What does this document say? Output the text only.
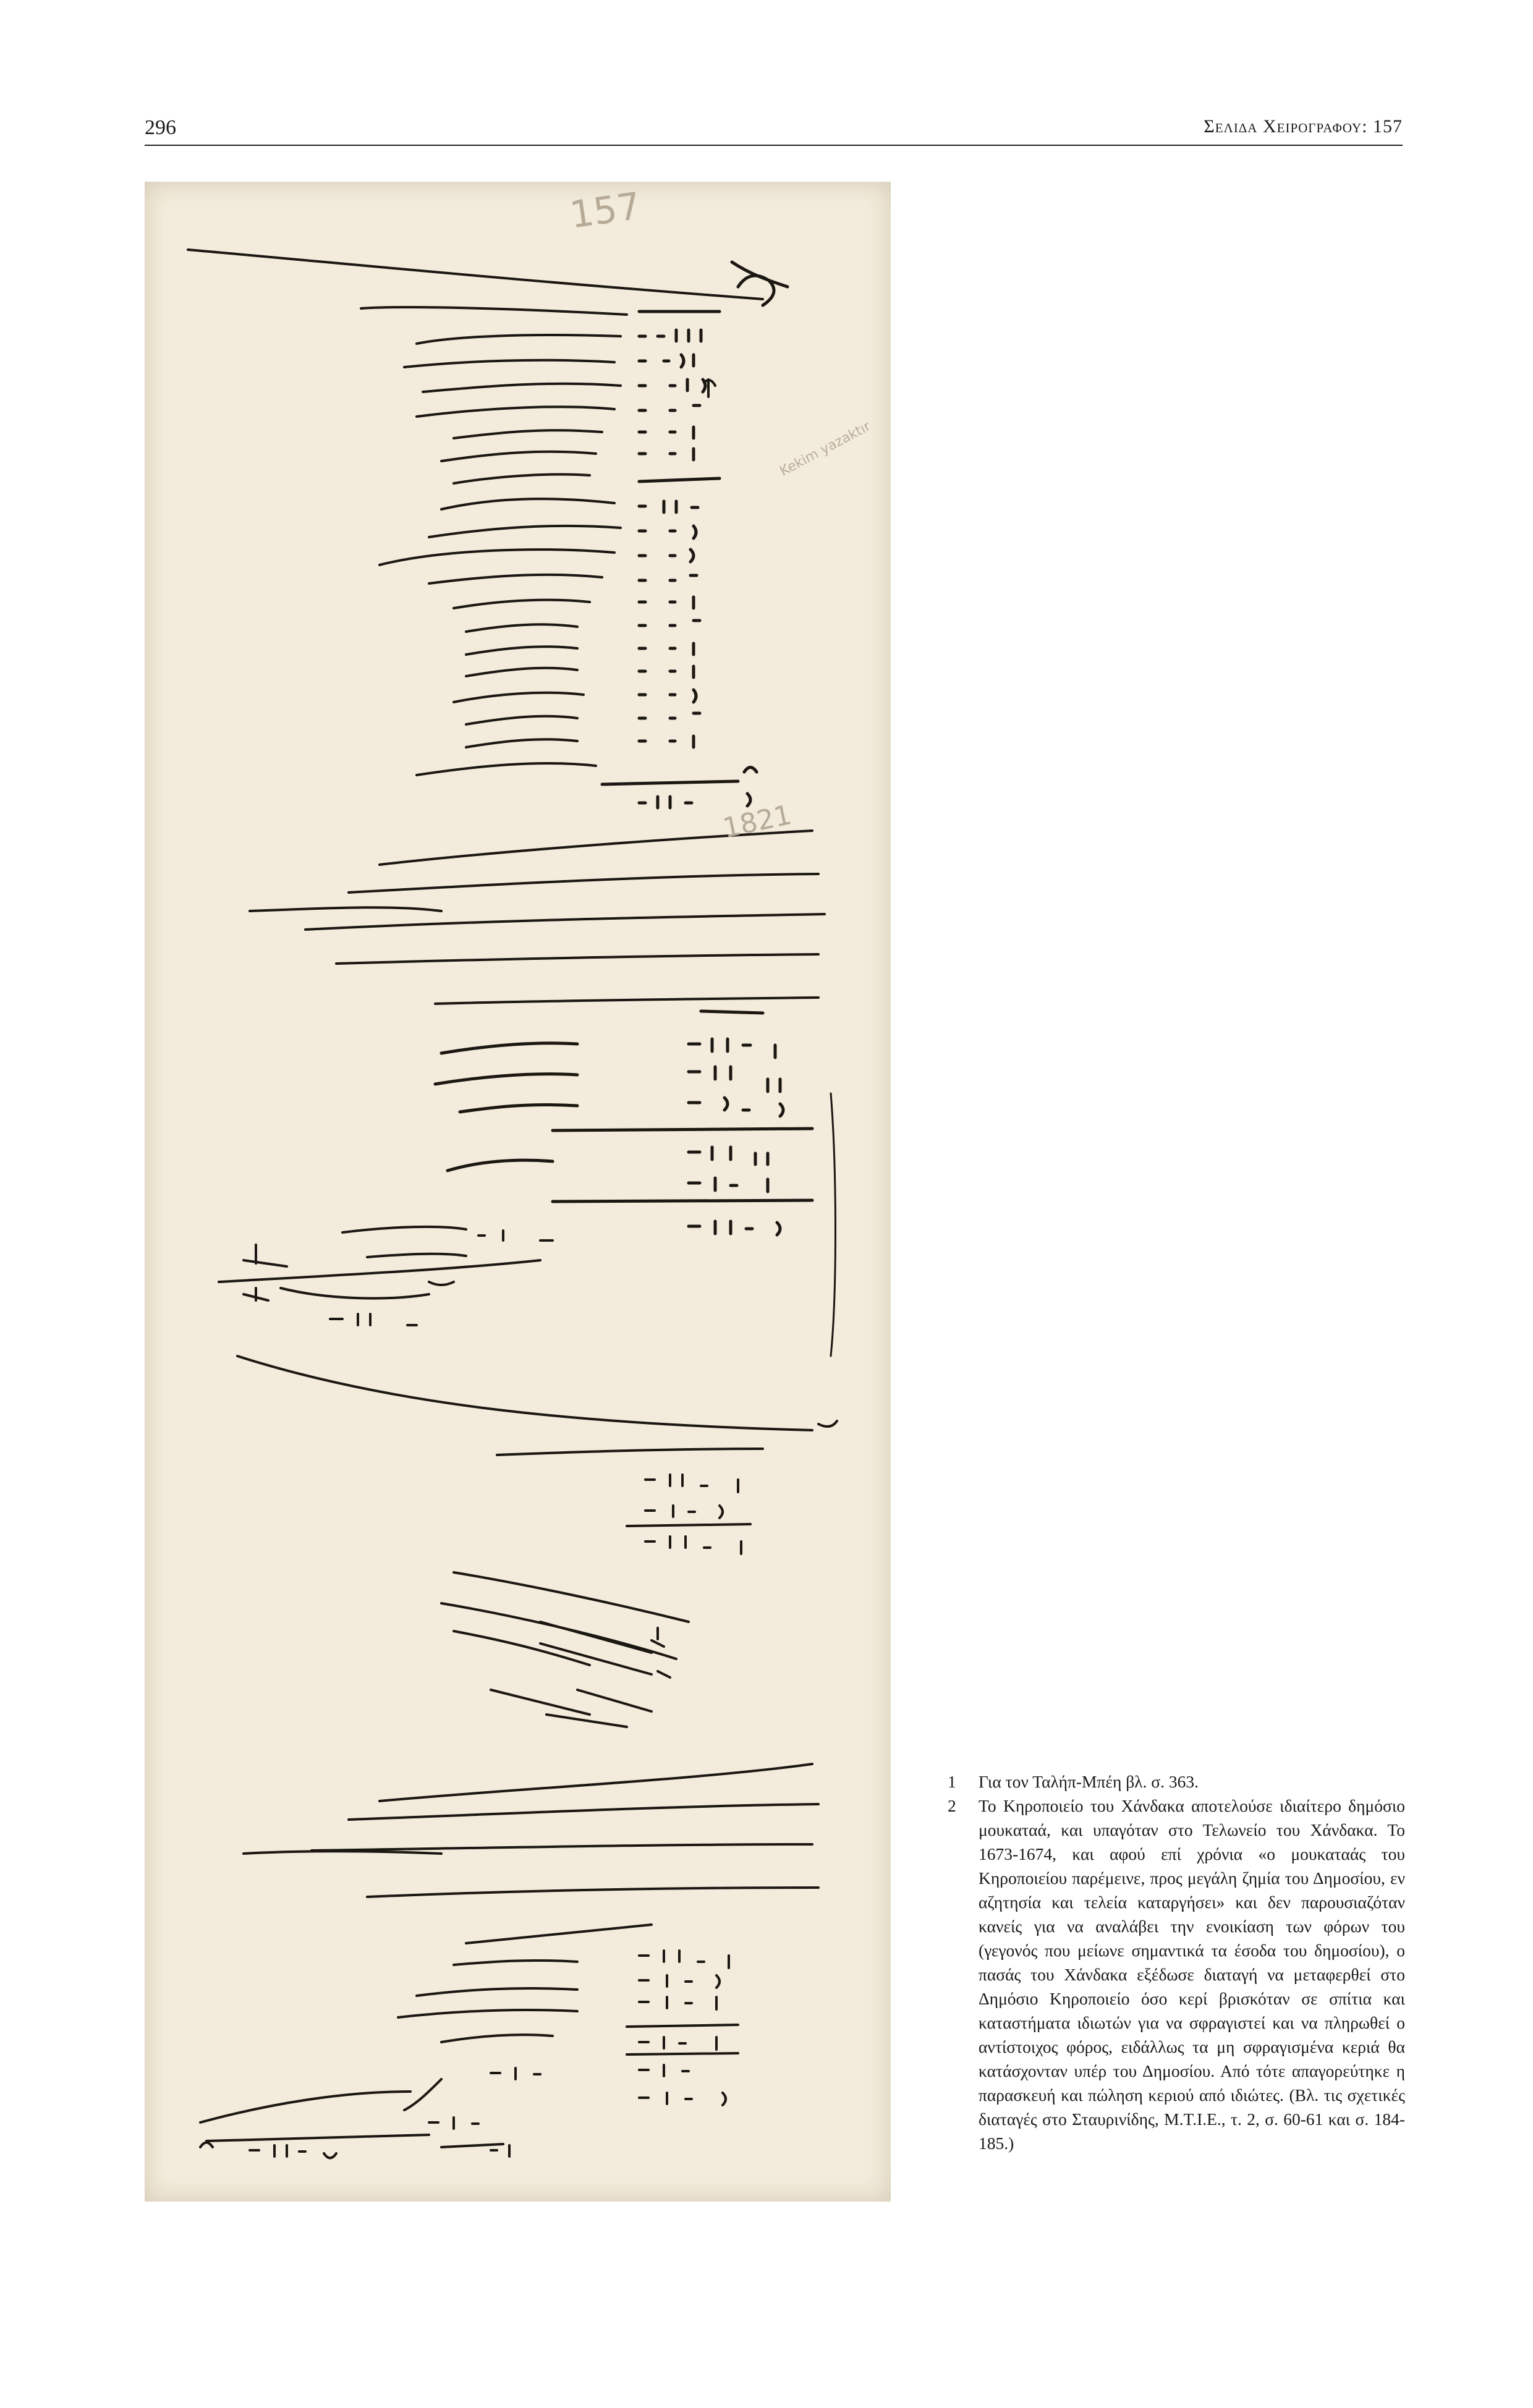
296	Σελιδα Χειρογραφου: 157
157
Kekim yazaktır
1821

1 Για τον Ταλήπ-Μπέη βλ. σ. 363.

2 Το Κηροποιείο του Χάνδακα αποτελούσε ιδιαίτερο δημόσιο μουκαταά, και υπαγόταν στο Τελωνείο του Χάνδακα. Το 1673-1674, και αφού επί χρόνια «ο μουκαταάς του Κηροποιείου παρέμεινε, προς μεγάλη ζημία του Δημοσίου, εν αζητησία και τελεία καταργήσει» και δεν παρουσιαζόταν κανείς για να αναλάβει την ενοικίαση των φόρων του (γεγονός που μείωνε σημαντικά τα έσοδα του δημοσίου), ο πασάς του Χάνδακα εξέδωσε διαταγή να μεταφερθεί στο Δημόσιο Κηροποιείο όσο κερί βρισκόταν σε σπίτια και καταστήματα ιδιωτών για να σφραγιστεί και να πληρωθεί ο αντίστοιχος φόρος, ειδάλλως τα μη σφραγισμένα κεριά θα κατάσχονταν υπέρ του Δημοσίου. Από τότε απαγορεύτηκε η παρασκευή και πώληση κεριού από ιδιώτες. (Βλ. τις σχετικές διαταγές στο Σταυρινίδης, Μ.Τ.Ι.Ε., τ. 2, σ. 60-61 και σ. 184-185.)
